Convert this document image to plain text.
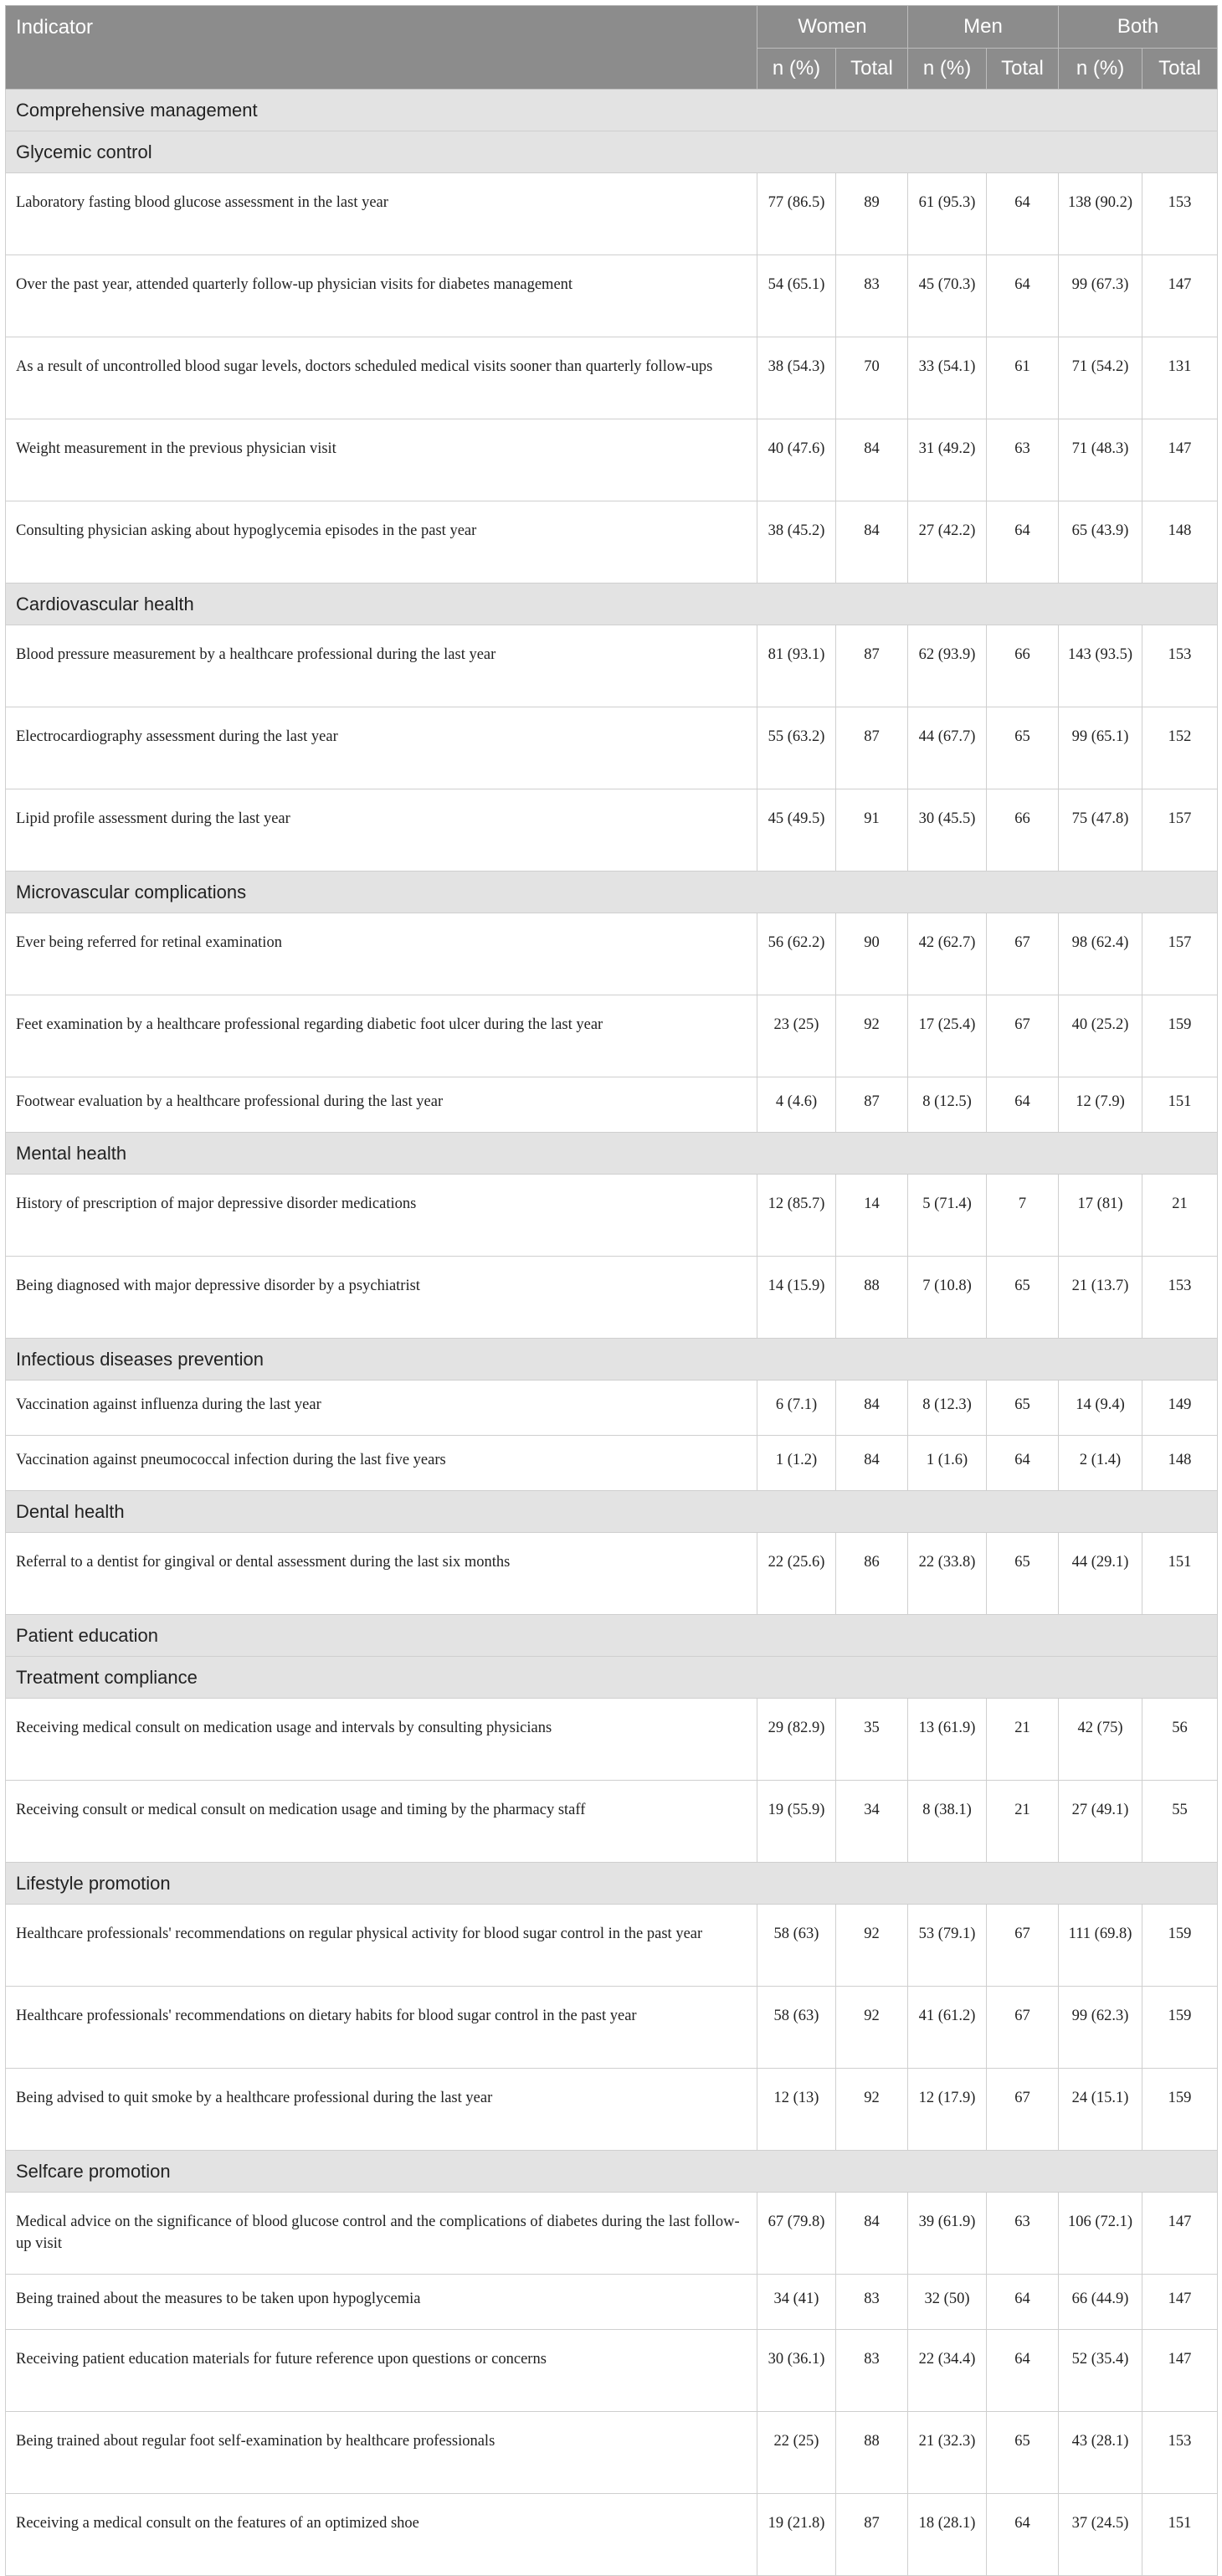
Indicator	Women		Men		Both	
	n (%)	Total	n (%)	Total	n (%)	Total
Comprehensive management						
Glycemic control						
Laboratory fasting blood glucose assessment in the last year	77 (86.5)	89	61 (95.3)	64	138 (90.2)	153
Over the past year, attended quarterly follow-up physician visits for diabetes management	54 (65.1)	83	45 (70.3)	64	99 (67.3)	147
As a result of uncontrolled blood sugar levels, doctors scheduled medical visits sooner than quarterly follow-ups	38 (54.3)	70	33 (54.1)	61	71 (54.2)	131
Weight measurement in the previous physician visit	40 (47.6)	84	31 (49.2)	63	71 (48.3)	147
Consulting physician asking about hypoglycemia episodes in the past year	38 (45.2)	84	27 (42.2)	64	65 (43.9)	148
Cardiovascular health						
Blood pressure measurement by a healthcare professional during the last year	81 (93.1)	87	62 (93.9)	66	143 (93.5)	153
Electrocardiography assessment during the last year	55 (63.2)	87	44 (67.7)	65	99 (65.1)	152
Lipid profile assessment during the last year	45 (49.5)	91	30 (45.5)	66	75 (47.8)	157
Microvascular complications						
Ever being referred for retinal examination	56 (62.2)	90	42 (62.7)	67	98 (62.4)	157
Feet examination by a healthcare professional regarding diabetic foot ulcer during the last year	23 (25)	92	17 (25.4)	67	40 (25.2)	159
Footwear evaluation by a healthcare professional during the last year	4 (4.6)	87	8 (12.5)	64	12 (7.9)	151
Mental health						
History of prescription of major depressive disorder medications	12 (85.7)	14	5 (71.4)	7	17 (81)	21
Being diagnosed with major depressive disorder by a psychiatrist	14 (15.9)	88	7 (10.8)	65	21 (13.7)	153
Infectious diseases prevention						
Vaccination against influenza during the last year	6 (7.1)	84	8 (12.3)	65	14 (9.4)	149
Vaccination against pneumococcal infection during the last five years	1 (1.2)	84	1 (1.6)	64	2 (1.4)	148
Dental health						
Referral to a dentist for gingival or dental assessment during the last six months	22 (25.6)	86	22 (33.8)	65	44 (29.1)	151
Patient education						
Treatment compliance						
Receiving medical consult on medication usage and intervals by consulting physicians	29 (82.9)	35	13 (61.9)	21	42 (75)	56
Receiving consult or medical consult on medication usage and timing by the pharmacy staff	19 (55.9)	34	8 (38.1)	21	27 (49.1)	55
Lifestyle promotion						
Healthcare professionals' recommendations on regular physical activity for blood sugar control in the past year	58 (63)	92	53 (79.1)	67	111 (69.8)	159
Healthcare professionals' recommendations on dietary habits for blood sugar control in the past year	58 (63)	92	41 (61.2)	67	99 (62.3)	159
Being advised to quit smoke by a healthcare professional during the last year	12 (13)	92	12 (17.9)	67	24 (15.1)	159
Selfcare promotion						
Medical advice on the significance of blood glucose control and the complications of diabetes during the last follow-up visit	67 (79.8)	84	39 (61.9)	63	106 (72.1)	147
Being trained about the measures to be taken upon hypoglycemia	34 (41)	83	32 (50)	64	66 (44.9)	147
Receiving patient education materials for future reference upon questions or concerns	30 (36.1)	83	22 (34.4)	64	52 (35.4)	147
Being trained about regular foot self-examination by healthcare professionals	22 (25)	88	21 (32.3)	65	43 (28.1)	153
Receiving a medical consult on the features of an optimized shoe	19 (21.8)	87	18 (28.1)	64	37 (24.5)	151
